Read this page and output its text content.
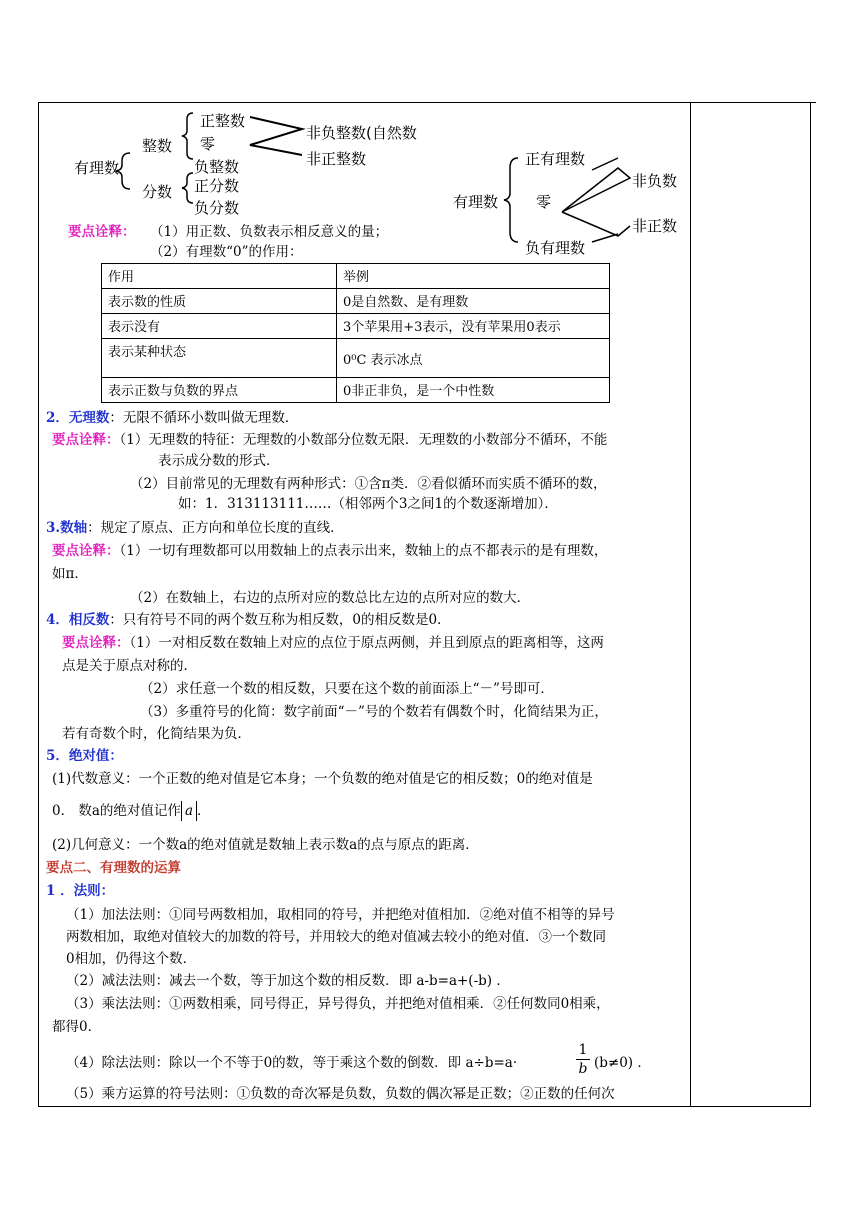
有理数
整数
分数
正整数
零
负整数
非负整数(自然数
非正整数
正分数
负分数	有理数
正有理数
零
负有理数
非负数
非正数
要点诠释： （1）用正数、负数表示相反意义的量；
（2）有理数“0”的作用：
作用	举例
表示数的性质	0是自然数、是有理数
表示没有	3个苹果用+3表示，没有苹果用0表示
表示某种状态	0⁰C 表示冰点
表示正数与负数的界点	0非正非负，是一个中性数
2．无理数：无限不循环小数叫做无理数．
要点诠释：（1）无理数的特征：无理数的小数部分位数无限．无理数的小数部分不循环，不能
表示成分数的形式．
（2）目前常见的无理数有两种形式：①含π类．②看似循环而实质不循环的数，
如：1．313113111……（相邻两个3之间1的个数逐渐增加）．
3.数轴：规定了原点、正方向和单位长度的直线．
要点诠释：（1）一切有理数都可以用数轴上的点表示出来，数轴上的点不都表示的是有理数，
如π．
（2）在数轴上，右边的点所对应的数总比左边的点所对应的数大．
4．相反数：只有符号不同的两个数互称为相反数，0的相反数是0．
要点诠释：（1）一对相反数在数轴上对应的点位于原点两侧，并且到原点的距离相等，这两
点是关于原点对称的．
（2）求任意一个数的相反数，只要在这个数的前面添上“－”号即可．
（3）多重符号的化简：数字前面“－”号的个数若有偶数个时，化简结果为正，
若有奇数个时，化简结果为负．
5．绝对值：
(1)代数意义：一个正数的绝对值是它本身；一个负数的绝对值是它的相反数；0的绝对值是
0． 数a的绝对值记作 a ．
(2)几何意义：一个数a的绝对值就是数轴上表示数a的点与原点的距离．
要点二、有理数的运算
1 ．法则：
（1）加法法则：①同号两数相加，取相同的符号，并把绝对值相加．②绝对值不相等的异号
两数相加，取绝对值较大的加数的符号，并用较大的绝对值减去较小的绝对值．③一个数同
0相加，仍得这个数．
（2）减法法则：减去一个数，等于加这个数的相反数．即 a-b=a+(-b) ．
（3）乘法法则：①两数相乘，同号得正，异号得负，并把绝对值相乘．②任何数同0相乘，
都得0．
（4）除法法则：除以一个不等于0的数，等于乘这个数的倒数．即 a÷b=a·	$\frac{1}{b} (b\ne 0)$ ．
（5）乘方运算的符号法则：①负数的奇次幂是负数，负数的偶次幂是正数；②正数的任何次
